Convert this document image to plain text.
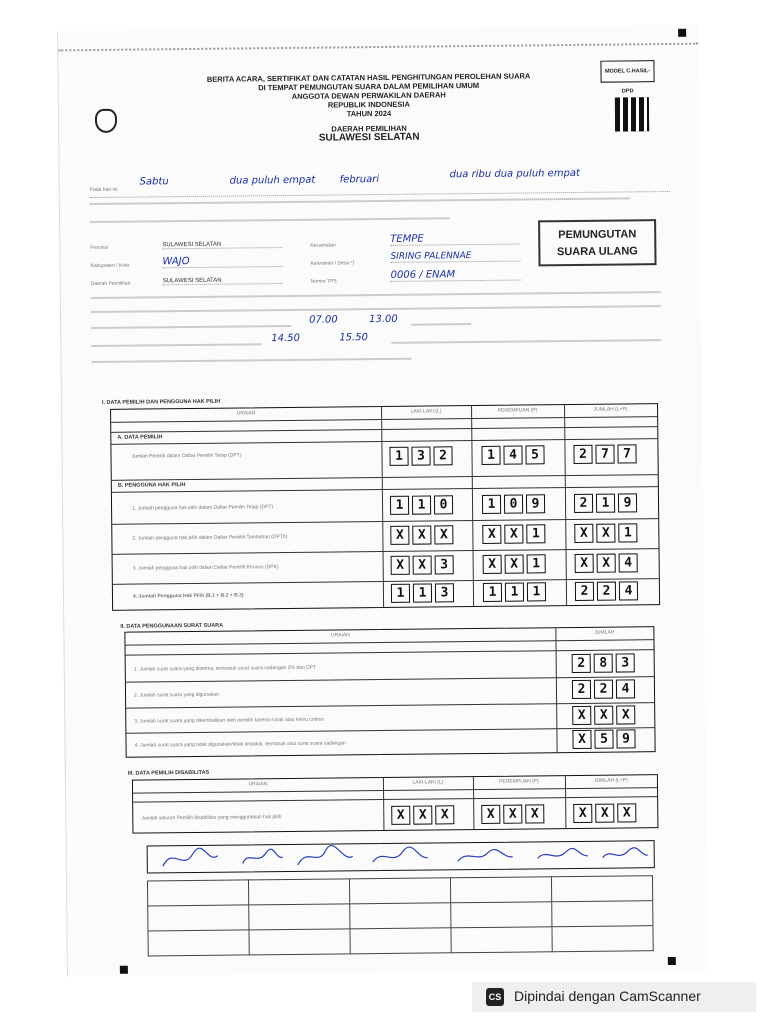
BERITA ACARA, SERTIFIKAT DAN CATATAN HASIL PENGHITUNGAN PEROLEHAN SUARA
DI TEMPAT PEMUNGUTAN SUARA DALAM PEMILIHAN UMUM
ANGGOTA DEWAN PERWAKILAN DAERAH
REPUBLIK INDONESIA
TAHUN 2024
DAERAH PEMILIHAN
SULAWESI SELATAN
MODEL C.HASIL-DPD
Pada hari ini
Sabtu	dua puluh empat februari	dua ribu dua puluh empat
Provinsi	SULAWESI SELATAN
Kabupaten / Kota	WAJO
Daerah Pemilihan	SULAWESI SELATAN
Kecamatan
TEMPE
Kelurahan / Desa *)
SIRING PALENNAE
Nomor TPS
0006 / ENAM
PEMUNGUTAN
SUARA ULANG
07.00	13.00
14.50	15.50
I. DATA PEMILIH DAN PENGGUNA HAK PILIH
URAIAN	LAKI-LAKI (L)	PEREMPUAN (P)	JUMLAH (L+P)
A. DATA PEMILIH
Jumlah Pemilih dalam Daftar Pemilih Tetap (DPT)	1 3 2	1 4 5	2 7 7
B. PENGGUNA HAK PILIH
1. Jumlah pengguna hak pilih dalam Daftar Pemilih Tetap (DPT)	1 1 0	1 0 9	2 1 9
2. Jumlah pengguna hak pilih dalam Daftar Pemilih Tambahan (DPTb)	X X X	X X 1	X X 1
3. Jumlah pengguna hak pilih dalam Daftar Pemilih Khusus (DPK)	X X 3	X X 1	X X 4
4. Jumlah Pengguna Hak Pilih (B.1 + B.2 + B.3)	1 1 3	1 1 1	2 2 4
II. DATA PENGGUNAAN SURAT SUARA
URAIAN	JUMLAH
1. Jumlah surat suara yang diterima, termasuk surat suara cadangan 2% dari DPT	2 8 3
2. Jumlah surat suara yang digunakan	2 2 4
3. Jumlah surat suara yang dikembalikan oleh pemilih karena rusak atau keliru coblos	X X X
4. Jumlah surat suara yang tidak digunakan/tidak terpakai, termasuk sisa surat suara cadangan	X 5 9
III. DATA PEMILIH DISABILITAS
URAIAN	LAKI-LAKI (L)	PEREMPUAN (P)	JUMLAH (L+P)
Jumlah seluruh Pemilih disabilitas yang menggunakan hak pilih	X X X	X X X	X X X

CS Dipindai dengan CamScanner
